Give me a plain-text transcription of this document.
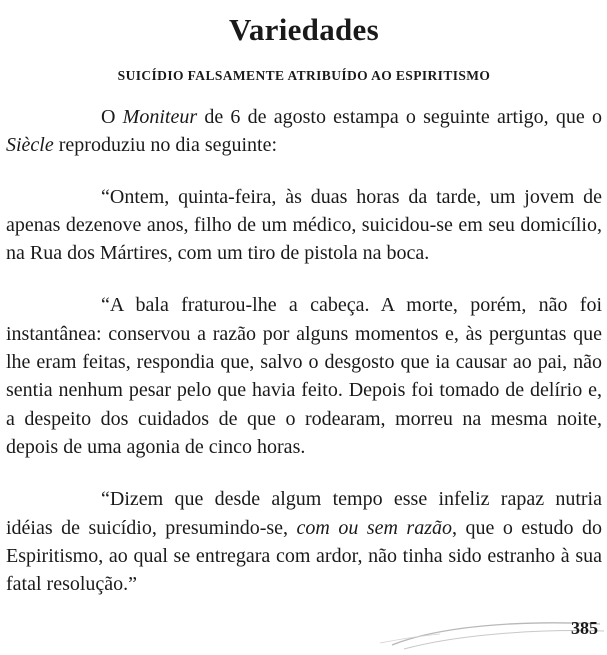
Variedades
SUICÍDIO FALSAMENTE ATRIBUÍDO AO ESPIRITISMO

O Moniteur de 6 de agosto estampa o seguinte artigo, que o Siècle reproduziu no dia seguinte:

“Ontem, quinta-feira, às duas horas da tarde, um jovem de apenas dezenove anos, filho de um médico, suicidou-se em seu domicílio, na Rua dos Mártires, com um tiro de pistola na boca.

“A bala fraturou-lhe a cabeça. A morte, porém, não foi instantânea: conservou a razão por alguns momentos e, às perguntas que lhe eram feitas, respondia que, salvo o desgosto que ia causar ao pai, não sentia nenhum pesar pelo que havia feito. Depois foi tomado de delírio e, a despeito dos cuidados de que o rodearam, morreu na mesma noite, depois de uma agonia de cinco horas.

“Dizem que desde algum tempo esse infeliz rapaz nutria idéias de suicídio, presumindo-se, com ou sem razão, que o estudo do Espiritismo, ao qual se entregara com ardor, não tinha sido estranho à sua fatal resolução.”

385
